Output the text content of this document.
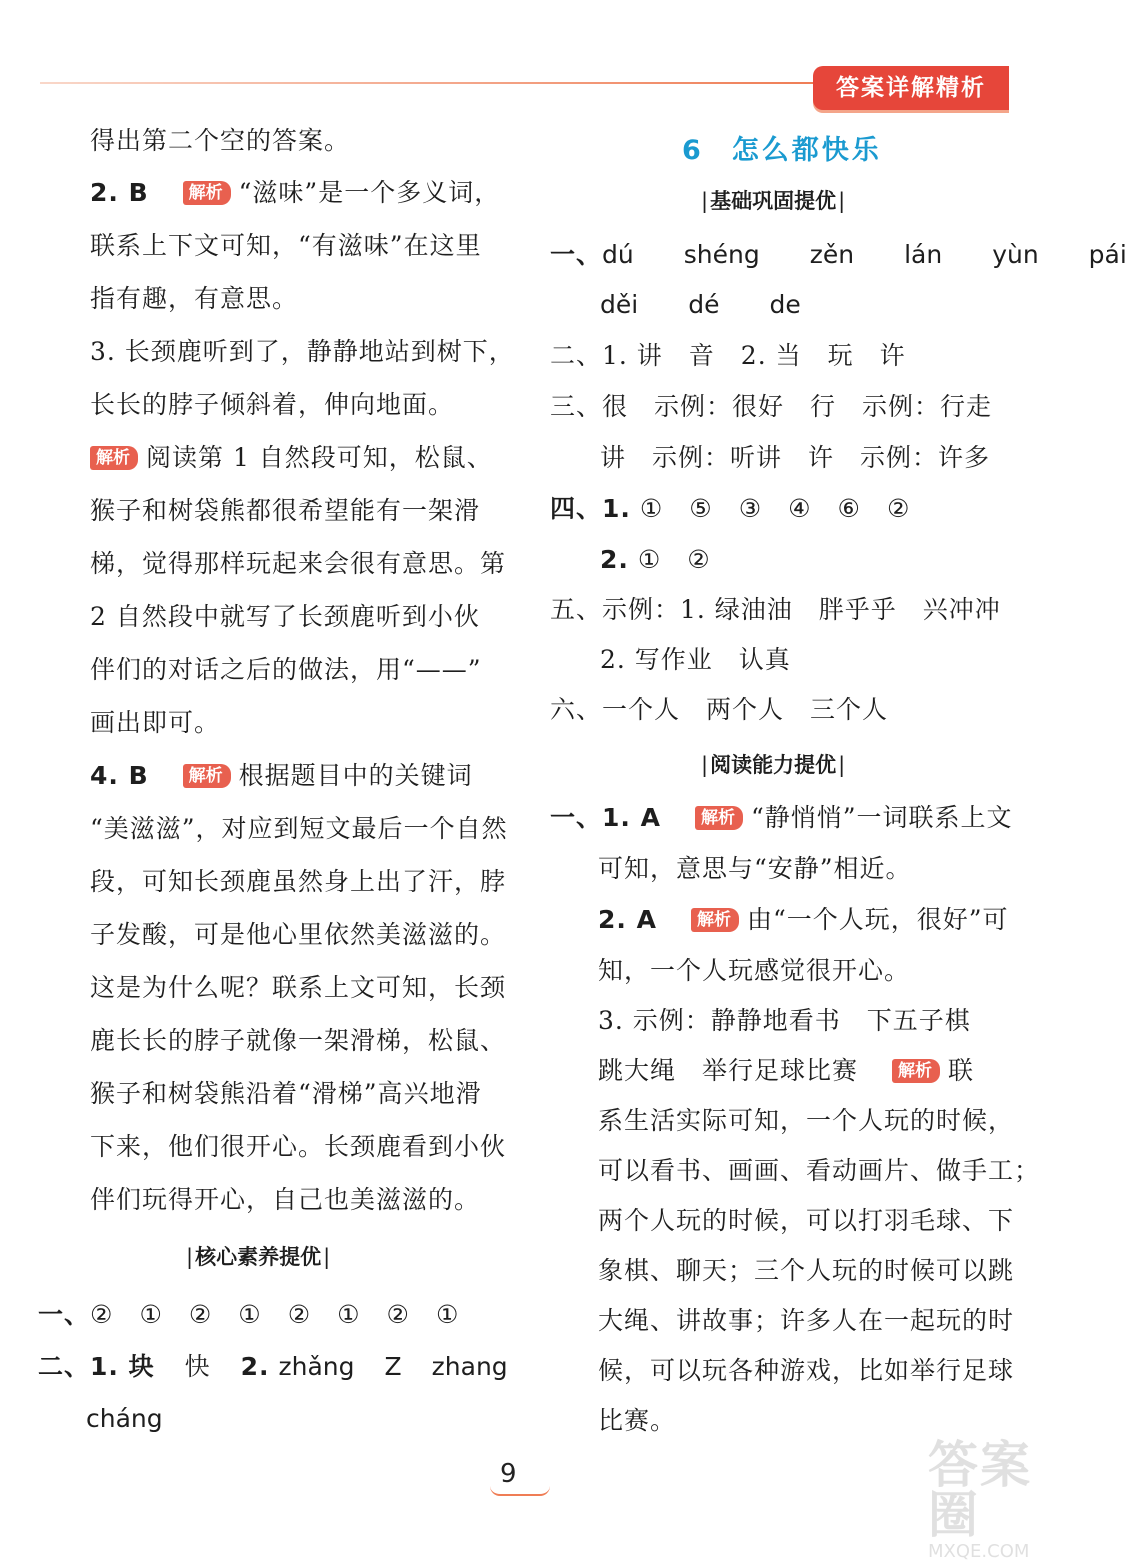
答案详解精析
得出第二个空的答案。
2. B 解析 “滋味”是一个多义词，
联系上下文可知，“有滋味”在这里
指有趣，有意思。
3. 长颈鹿听到了，静静地站到树下，
长长的脖子倾斜着，伸向地面。
解析 阅读第 1 自然段可知，松鼠、
猴子和树袋熊都很希望能有一架滑
梯，觉得那样玩起来会很有意思。第
2 自然段中就写了长颈鹿听到小伙
伴们的对话之后的做法，用“——”
画出即可。
4. B 解析 根据题目中的关键词
“美滋滋”，对应到短文最后一个自然
段，可知长颈鹿虽然身上出了汗，脖
子发酸，可是他心里依然美滋滋的。
这是为什么呢？联系上文可知，长颈
鹿长长的脖子就像一架滑梯，松鼠、
猴子和树袋熊沿着“滑梯”高兴地滑
下来，他们很开心。长颈鹿看到小伙
伴们玩得开心，自己也美滋滋的。
| 核心素养提优 |
一、② ① ② ① ② ① ② ①
二、1. 块 快 2. zhǎng Z zhang
cháng
6 怎么都快乐
| 基础巩固提优 |
一、dú shéng zěn lán yùn pái
děi dé de
二、1. 讲　音　2. 当　玩　许
三、很　示例：很好　行　示例：行走
讲　示例：听讲　许　示例：许多
四、1. ① ⑤ ③ ④ ⑥ ②
2. ① ②
五、示例：1. 绿油油　胖乎乎　兴冲冲
2. 写作业　认真
六、一个人　两个人　三个人
| 阅读能力提优 |
一、1. A 解析 “静悄悄”一词联系上文
可知，意思与“安静”相近。
2. A 解析 由“一个人玩，很好”可
知，一个人玩感觉很开心。
3. 示例：静静地看书　下五子棋
跳大绳　举行足球比赛 解析 联
系生活实际可知，一个人玩的时候，
可以看书、画画、看动画片、做手工；
两个人玩的时候，可以打羽毛球、下
象棋、聊天；三个人玩的时候可以跳
大绳、讲故事；许多人在一起玩的时
候，可以玩各种游戏，比如举行足球
比赛。
9	答案圈
MXQE.COM
